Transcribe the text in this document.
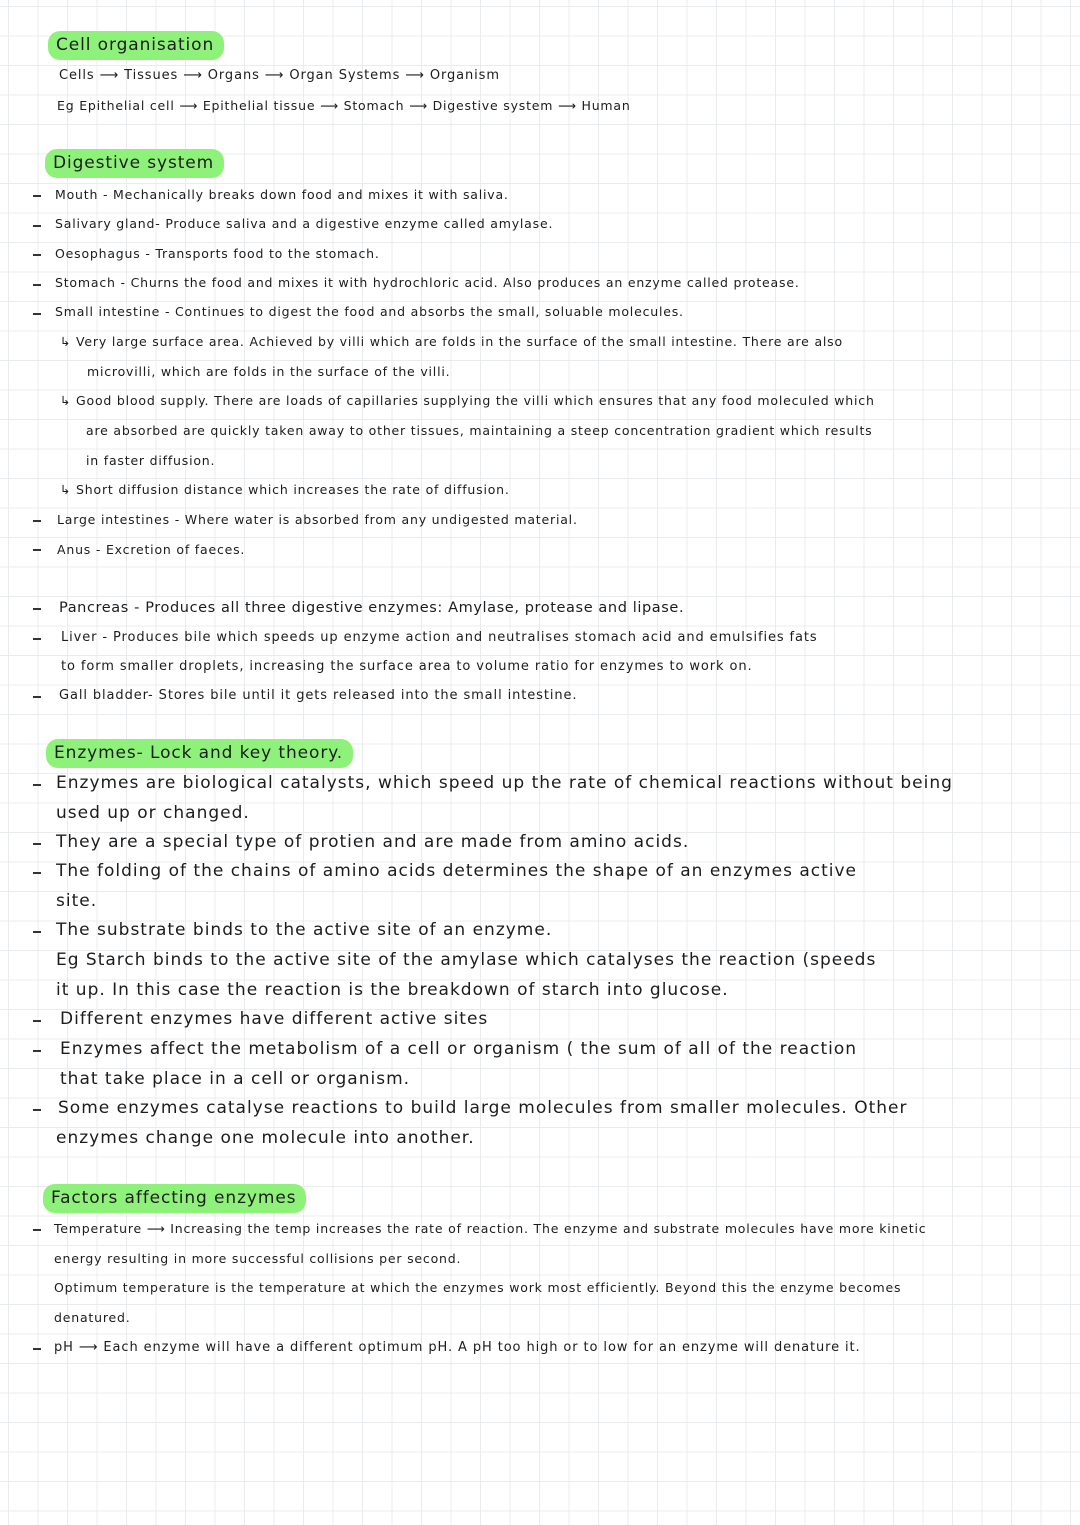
Cell organisation
Cells ⟶ Tissues ⟶ Organs ⟶ Organ Systems ⟶ Organism
Eg Epithelial cell ⟶ Epithelial tissue ⟶ Stomach ⟶ Digestive system ⟶ Human
Digestive system
Mouth - Mechanically breaks down food and mixes it with saliva.
Salivary gland- Produce saliva and a digestive enzyme called amylase.
Oesophagus - Transports food to the stomach.
Stomach - Churns the food and mixes it with hydrochloric acid. Also produces an enzyme called protease.
Small intestine - Continues to digest the food and absorbs the small, soluable molecules.
↳ Very large surface area. Achieved by villi which are folds in the surface of the small intestine. There are also
microvilli, which are folds in the surface of the villi.
↳ Good blood supply. There are loads of capillaries supplying the villi which ensures that any food moleculed which
are absorbed are quickly taken away to other tissues, maintaining a steep concentration gradient which results
in faster diffusion.
↳ Short diffusion distance which increases the rate of diffusion.
Large intestines - Where water is absorbed from any undigested material.
Anus - Excretion of faeces.
Pancreas - Produces all three digestive enzymes: Amylase, protease and lipase.
Liver - Produces bile which speeds up enzyme action and neutralises stomach acid and emulsifies fats
to form smaller droplets, increasing the surface area to volume ratio for enzymes to work on.
Gall bladder- Stores bile until it gets released into the small intestine.
Enzymes- Lock and key theory.
Enzymes are biological catalysts, which speed up the rate of chemical reactions without being
used up or changed.
They are a special type of protien and are made from amino acids.
The folding of the chains of amino acids determines the shape of an enzymes active
site.
The substrate binds to the active site of an enzyme.
Eg Starch binds to the active site of the amylase which catalyses the reaction (speeds
it up. In this case the reaction is the breakdown of starch into glucose.
Different enzymes have different active sites
Enzymes affect the metabolism of a cell or organism ( the sum of all of the reaction
that take place in a cell or organism.
Some enzymes catalyse reactions to build large molecules from smaller molecules. Other
enzymes change one molecule into another.
Factors affecting enzymes
Temperature ⟶ Increasing the temp increases the rate of reaction. The enzyme and substrate molecules have more kinetic
energy resulting in more successful collisions per second.
Optimum temperature is the temperature at which the enzymes work most efficiently. Beyond this the enzyme becomes
denatured.
pH ⟶ Each enzyme will have a different optimum pH. A pH too high or to low for an enzyme will denature it.
